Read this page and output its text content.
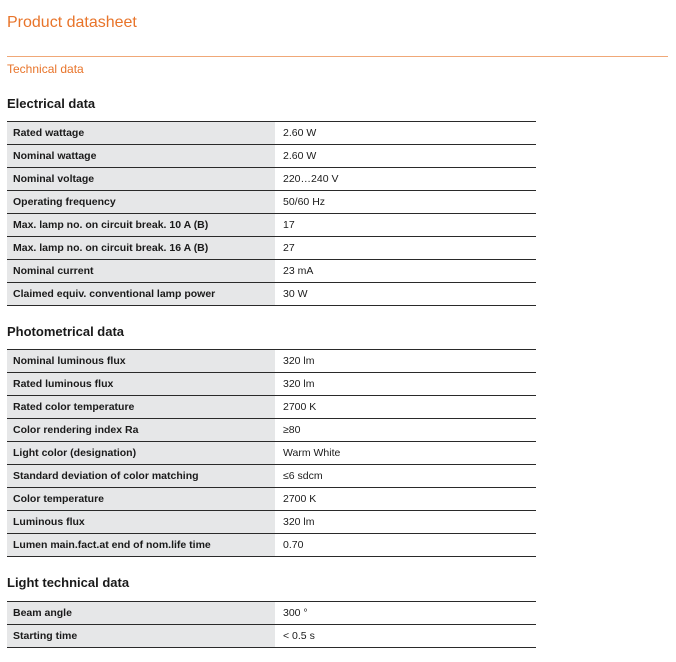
Product datasheet
Technical data
Electrical data
Rated wattage	2.60 W
Nominal wattage	2.60 W
Nominal voltage	220…240 V
Operating frequency	50/60 Hz
Max. lamp no. on circuit break. 10 A (B)	17
Max. lamp no. on circuit break. 16 A (B)	27
Nominal current	23 mA
Claimed equiv. conventional lamp power	30 W
Photometrical data
Nominal luminous flux	320 lm
Rated luminous flux	320 lm
Rated color temperature	2700 K
Color rendering index Ra	≥80
Light color (designation)	Warm White
Standard deviation of color matching	≤6 sdcm
Color temperature	2700 K
Luminous flux	320 lm
Lumen main.fact.at end of nom.life time	0.70
Light technical data
Beam angle	300 °
Starting time	< 0.5 s
